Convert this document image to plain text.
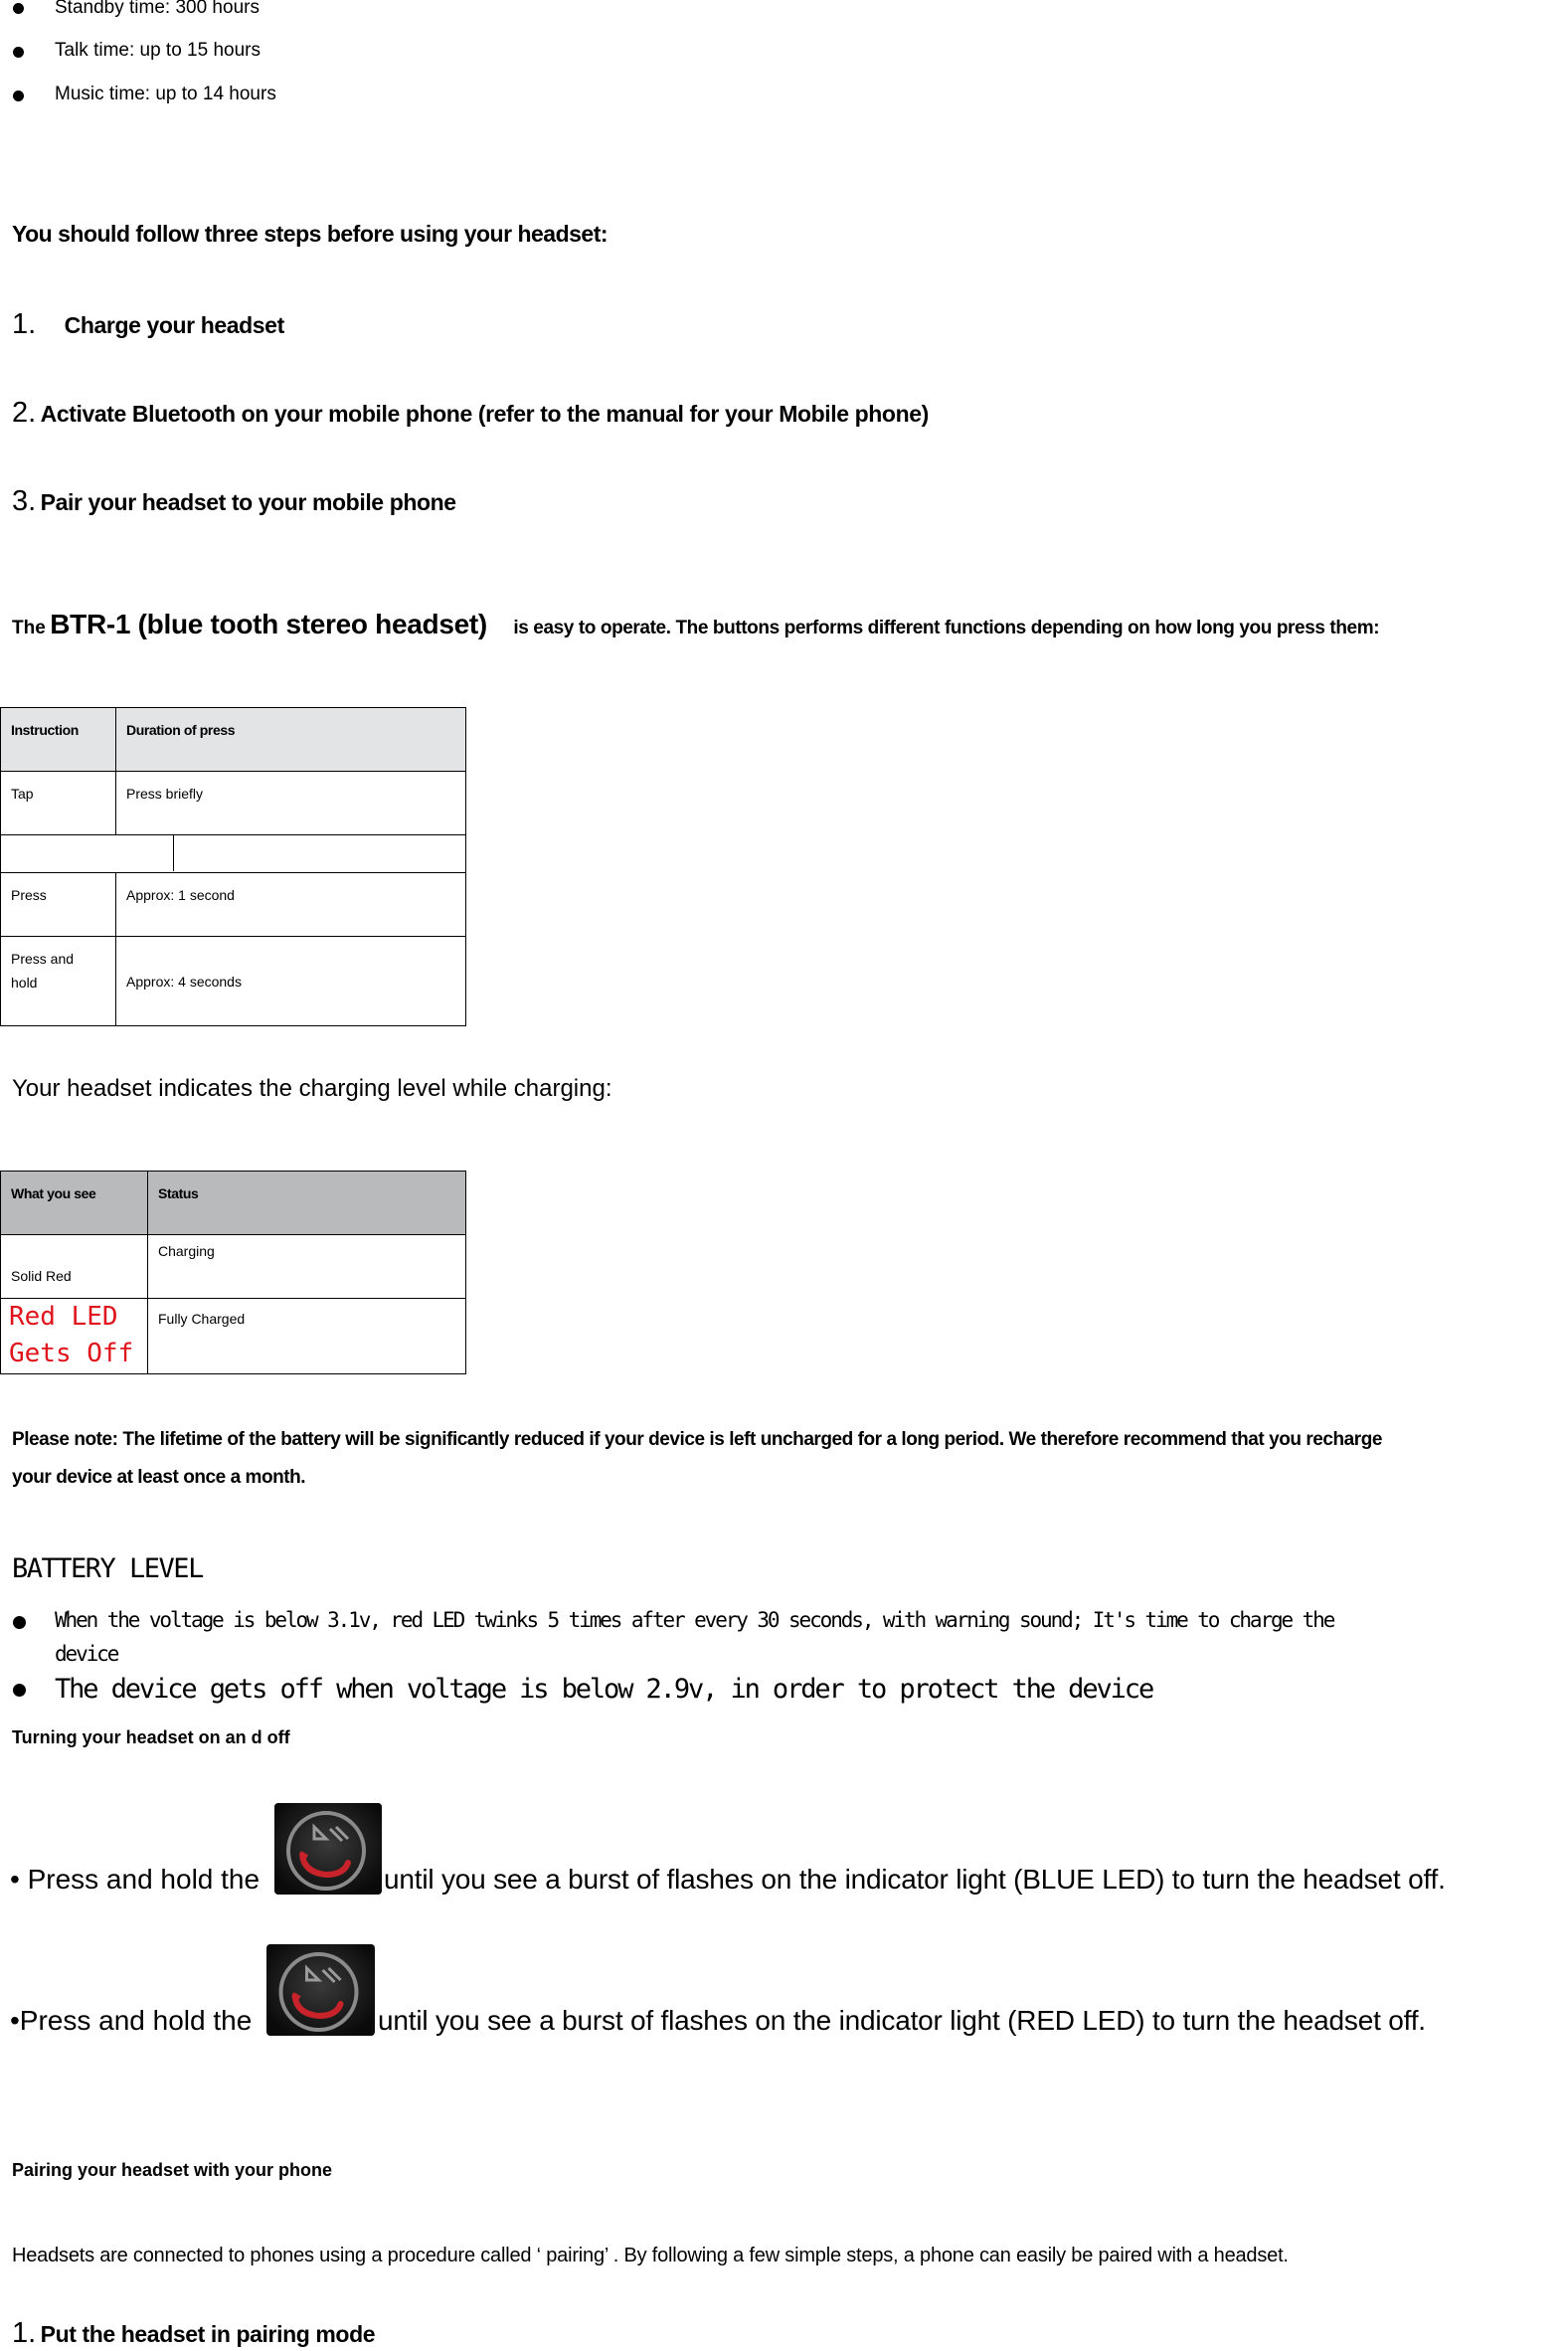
Standby time: 300 hours
Talk time: up to 15 hours
Music time: up to 14 hours
You should follow three steps before using your headset:
1. Charge your headset
2. Activate Bluetooth on your mobile phone (refer to the manual for your Mobile phone)
3. Pair your headset to your mobile phone
The BTR-1 (blue tooth stereo headset) is easy to operate. The buttons performs different functions depending on how long you press them:
Instruction	Duration of press

Tap	Press briefly

Press	Approx: 1 second

Press and hold	Approx: 4 seconds
Your headset indicates the charging level while charging:
What you see	Status

Solid Red	Charging

Red LED Gets Off	Fully Charged
Please note: The lifetime of the battery will be significantly reduced if your device is left uncharged for a long period. We therefore recommend that you recharge
your device at least once a month.
BATTERY LEVEL
When the voltage is below 3.1v, red LED twinks 5 times after every 30 seconds, with warning sound; It's time to charge the
device
The device gets off when voltage is below 2.9v, in order to protect the device
Turning your headset on an d off
• Press and hold the	until you see a burst of flashes on the indicator light (BLUE LED) to turn the headset off.
•Press and hold the	until you see a burst of flashes on the indicator light (RED LED) to turn the headset off.
Pairing your headset with your phone
Headsets are connected to phones using a procedure called ‘ pairing’ . By following a few simple steps, a phone can easily be paired with a headset.
1. Put the headset in pairing mode
